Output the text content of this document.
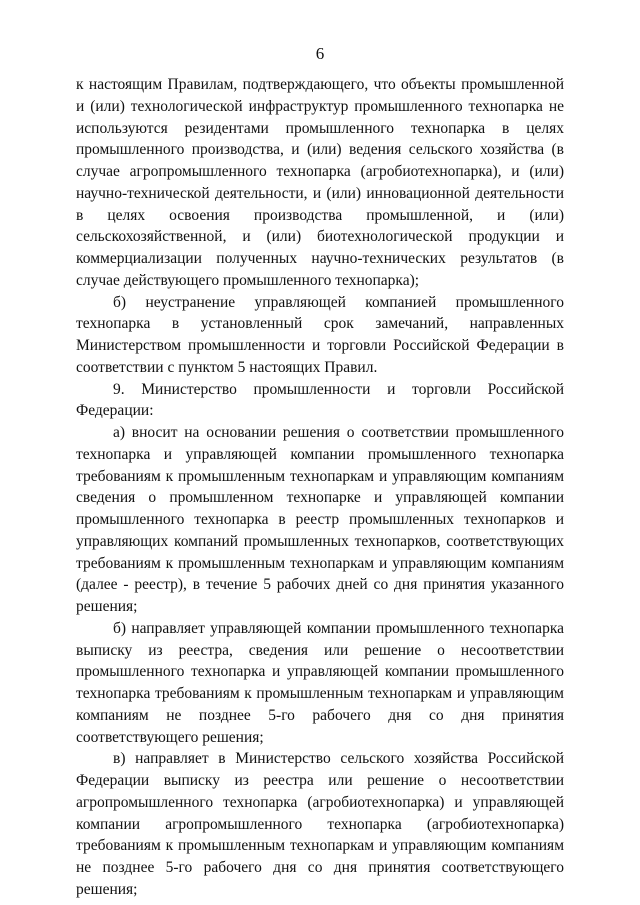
6

к настоящим Правилам, подтверждающего, что объекты промышленной и (или) технологической инфраструктур промышленного технопарка не используются резидентами промышленного технопарка в целях промышленного производства, и (или) ведения сельского хозяйства (в случае агропромышленного технопарка (агробиотехнопарка), и (или) научно-технической деятельности, и (или) инновационной деятельности в целях освоения производства промышленной, и (или) сельскохозяйственной, и (или) биотехнологической продукции и коммерциализации полученных научно-технических результатов (в случае действующего промышленного технопарка);

б) неустранение управляющей компанией промышленного технопарка в установленный срок замечаний, направленных Министерством промышленности и торговли Российской Федерации в соответствии с пунктом 5 настоящих Правил.

9. Министерство промышленности и торговли Российской Федерации:

а) вносит на основании решения о соответствии промышленного технопарка и управляющей компании промышленного технопарка требованиям к промышленным технопаркам и управляющим компаниям сведения о промышленном технопарке и управляющей компании промышленного технопарка в реестр промышленных технопарков и управляющих компаний промышленных технопарков, соответствующих требованиям к промышленным технопаркам и управляющим компаниям (далее - реестр), в течение 5 рабочих дней со дня принятия указанного решения;

б) направляет управляющей компании промышленного технопарка выписку из реестра, сведения или решение о несоответствии промышленного технопарка и управляющей компании промышленного технопарка требованиям к промышленным технопаркам и управляющим компаниям не позднее 5-го рабочего дня со дня принятия соответствующего решения;

в) направляет в Министерство сельского хозяйства Российской Федерации выписку из реестра или решение о несоответствии агропромышленного технопарка (агробиотехнопарка) и управляющей компании агропромышленного технопарка (агробиотехнопарка) требованиям к промышленным технопаркам и управляющим компаниям не позднее 5-го рабочего дня со дня принятия соответствующего решения;
